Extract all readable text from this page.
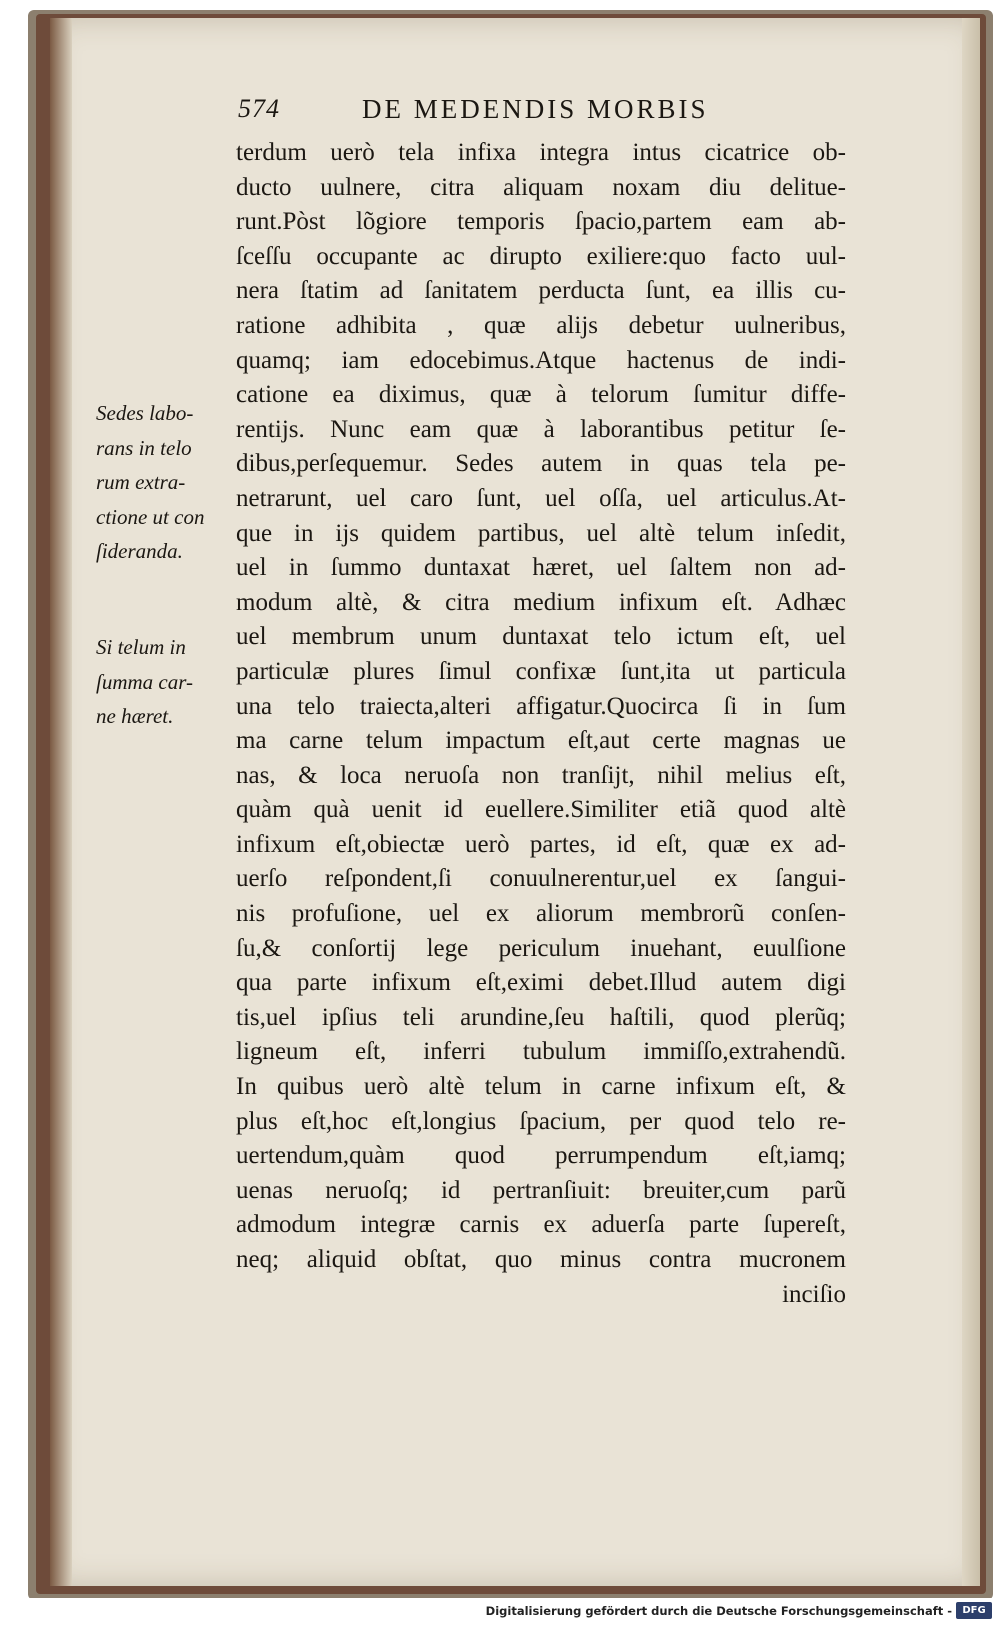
574	DE MEDENDIS MORBIS
terdum uerò tela infixa integra intus cicatrice ob-
ducto uulnere, citra aliquam noxam diu delitue-
runt.Pòst lõgiore temporis ſpacio,partem eam ab-
ſceſſu occupante ac dirupto exiliere:quo facto uul-
nera ſtatim ad ſanitatem perducta ſunt, ea illis cu-
ratione adhibita , quæ alijs debetur uulneribus,
quamq; iam edocebimus.Atque hactenus de indi-
catione ea diximus, quæ à telorum ſumitur diffe-
rentijs. Nunc eam quæ à laborantibus petitur ſe-
dibus,perſequemur. Sedes autem in quas tela pe-
netrarunt, uel caro ſunt, uel oſſa, uel articulus.At-
que in ijs quidem partibus, uel altè telum inſedit,
uel in ſummo duntaxat hæret, uel ſaltem non ad-
modum altè, & citra medium infixum eſt. Adhæc
uel membrum unum duntaxat telo ictum eſt, uel
particulæ plures ſimul confixæ ſunt,ita ut particula
una telo traiecta,alteri affigatur.Quocirca ſi in ſum
ma carne telum impactum eſt,aut certe magnas ue
nas, & loca neruoſa non tranſijt, nihil melius eſt,
quàm quà uenit id euellere.Similiter etiã quod altè
infixum eſt,obiectæ uerò partes, id eſt, quæ ex ad-
uerſo reſpondent,ſi conuulnerentur,uel ex ſangui-
nis profuſione, uel ex aliorum membrorũ conſen-
ſu,& conſortij lege periculum inuehant, euulſione
qua parte infixum eſt,eximi debet.Illud autem digi
tis,uel ipſius teli arundine,ſeu haſtili, quod plerũq;
ligneum eſt, inferri tubulum immiſſo,extrahendũ.
In quibus uerò altè telum in carne infixum eſt, &
plus eſt,hoc eſt,longius ſpacium, per quod telo re-
uertendum,quàm quod perrumpendum eſt,iamq;
uenas neruoſq; id pertranſiuit: breuiter,cum parũ
admodum integræ carnis ex aduerſa parte ſupereſt,
neq; aliquid obſtat, quo minus contra mucronem
inciſio
Sedes labo-
rans in telo
rum extra-
ctione ut con
ſideranda.
Si telum in
ſumma car-
ne hæret.
Digitalisierung gefördert durch die Deutsche Forschungsgemeinschaft -	DFG
